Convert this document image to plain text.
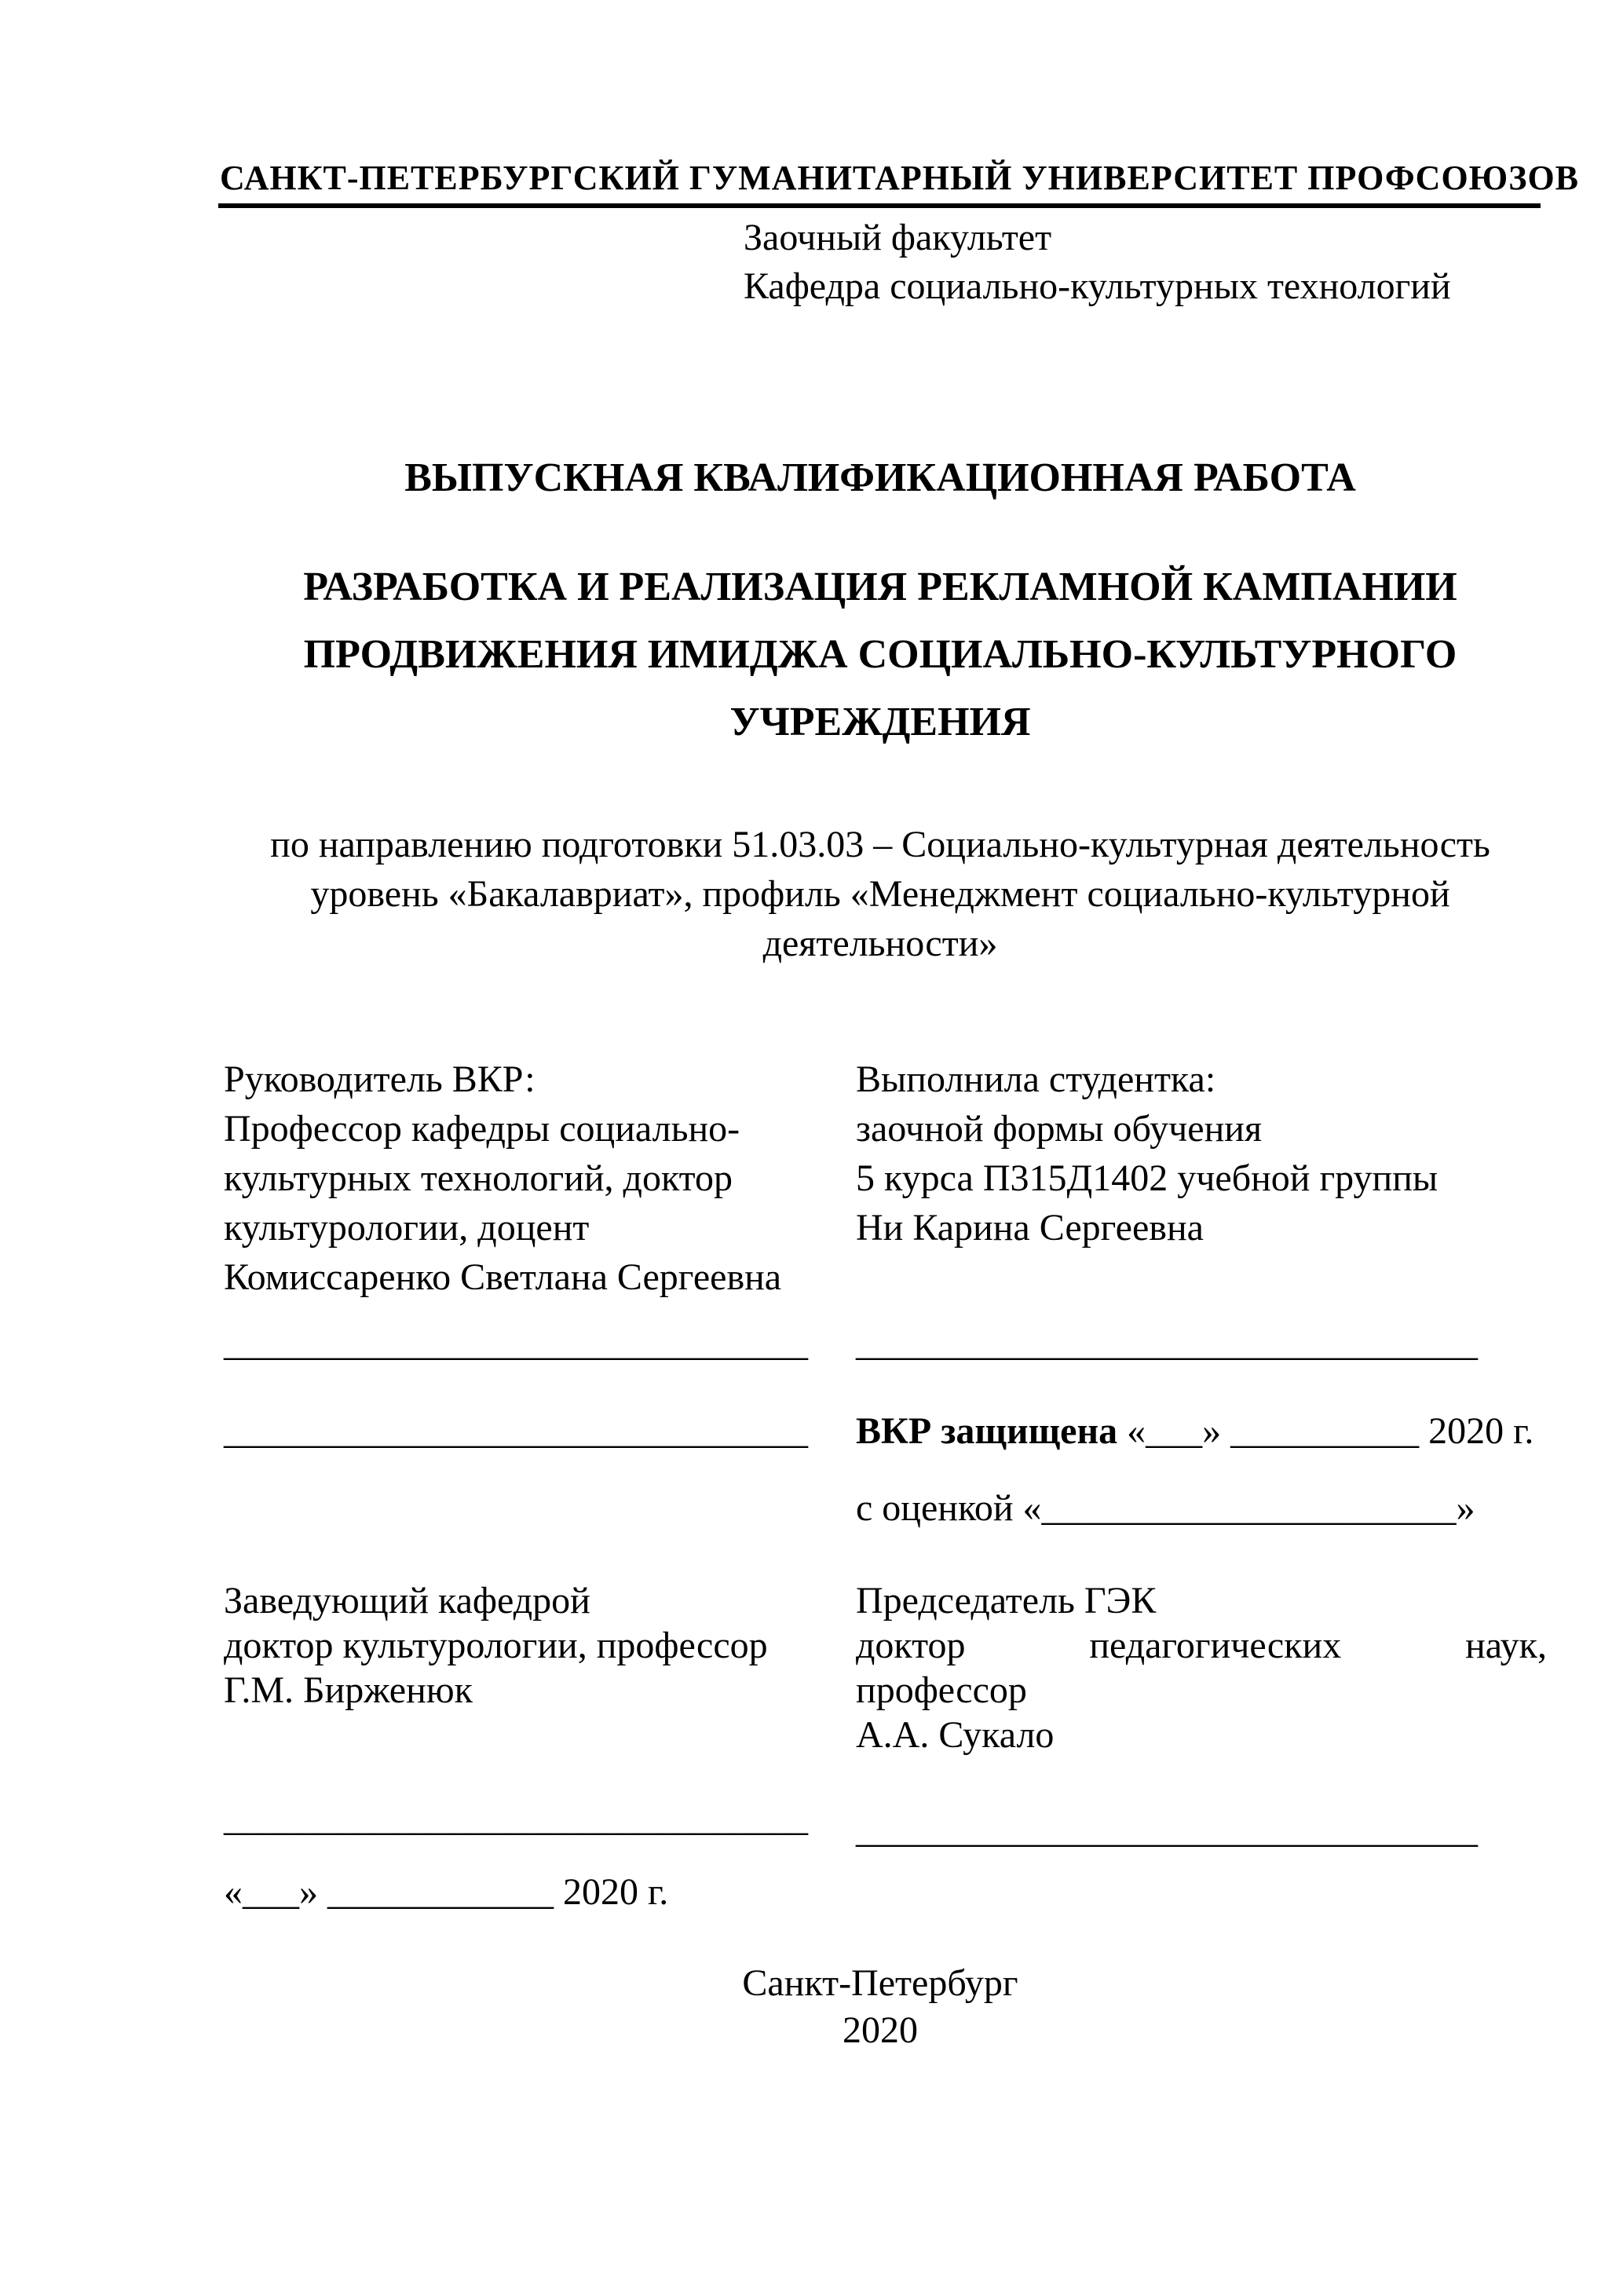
САНКТ-ПЕТЕРБУРГСКИЙ ГУМАНИТАРНЫЙ УНИВЕРСИТЕТ ПРОФСОЮЗОВ
Заочный факультет
Кафедра социально-культурных технологий
ВЫПУСКНАЯ КВАЛИФИКАЦИОННАЯ РАБОТА
РАЗРАБОТКА И РЕАЛИЗАЦИЯ РЕКЛАМНОЙ КАМПАНИИ
ПРОДВИЖЕНИЯ ИМИДЖА СОЦИАЛЬНО-КУЛЬТУРНОГО
УЧРЕЖДЕНИЯ
по направлению подготовки 51.03.03 – Социально-культурная деятельность
уровень «Бакалавриат», профиль «Менеджмент социально-культурной
деятельности»
Руководитель ВКР:
Профессор кафедры социально-
культурных технологий, доктор
культурологии, доцент
Комиссаренко Светлана Сергеевна
Выполнила студентка:
заочной формы обучения
5 курса П315Д1402 учебной группы
Ни Карина Сергеевна
_______________________________ _________________________________
_______________________________ ВКР защищена «___» __________ 2020 г.
с оценкой «______________________»
Заведующий кафедрой
доктор культурологии, профессор
Г.М. Бирженюк
Председатель ГЭК
доктор	педагогических	наук,
профессор
А.А. Сукало
_______________________________ _________________________________
«___» ____________ 2020 г.
Санкт-Петербург
2020
